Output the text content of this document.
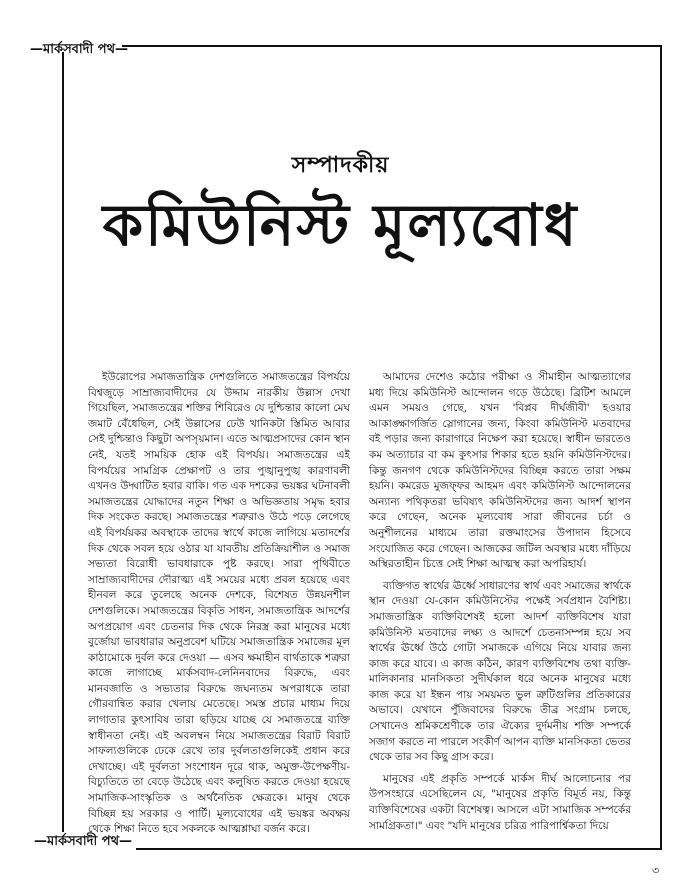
—মার্কসবাদী পথ—
—মার্কসবাদী পথ—
৩
সম্পাদকীয়
কমিউনিস্ট মূল্যবোধ

ইউরোপের সমাজতান্ত্রিক দেশগুলিতে সমাজতন্ত্রের বিপর্যয়ে বিশ্বজুড়ে সাম্রাজ্যবাদীদের যে উদ্দাম নারকীয় উল্লাস দেখা গিয়েছিল, সমাজতন্ত্রের শক্তির শিবিরেও যে দুশ্চিন্তার কালো মেঘ জমাট বেঁধেছিল, সেই উল্লাসের ঢেউ খানিকটা স্তিমিত আবার সেই দুশ্চিন্তাও কিছুটা অপসৃয়মান। এতে আত্মপ্রসাদের কোন স্থান নেই, যতই সাময়িক হোক এই বিপর্যয়। সমাজতন্ত্রের এই বিপর্যয়ের সামগ্রিক প্রেক্ষাপট ও তার পুঙ্খানুপুঙ্খ কারণাবলী এখনও উদ্ঘাটিত হবার বাকি। গত এক দশকের ভয়ঙ্কর ঘটনাবলী সমাজতন্ত্রের যোদ্ধাদের নতুন শিক্ষা ও অভিজ্ঞতায় সমৃদ্ধ হবার দিক সংকেত করছে। সমাজতন্ত্রের শত্রুরাও উঠে পড়ে লেগেছে এই বিপর্যয়কর অবস্থাকে তাদের স্বার্থে কাজে লাগিয়ে মতাদর্শের দিক থেকে সবল হয়ে ওঠার যা যাবতীয় প্রতিক্রিয়াশীল ও সমাজ সভ্যতা বিরোধী ভাবধারাকে পুষ্ট করছে। সারা পৃথিবীতে সাম্রাজ্যবাদীদের দৌরাত্ম্য এই সময়ের মধ্যে প্রবল হয়েছে এবং হীনবল করে তুলেছে অনেক দেশকে, বিশেষত উন্নয়নশীল দেশগুলিকে। সমাজতন্ত্রের বিকৃতি সাধন, সমাজতান্ত্রিক আদর্শের অপপ্রয়োগ এবং চেতনার দিক থেকে নিরস্ত্র করা মানুষের মধ্যে বুর্জোয়া ভাবধারার অনুপ্রবেশ ঘটিয়ে সমাজতান্ত্রিক সমাজের মূল কাঠামোকে দুর্বল করে দেওয়া — এসব ক্ষমাহীন বার্থতাকে শত্রুরা কাজে লাগাচ্ছে মার্কসবাদ-লেনিনবাদের বিরুদ্ধে, এবং মানবজাতি ও সভ্যতার বিরুদ্ধে জঘন্যতম অপরাধকে তারা গৌরবান্বিত করার খেলায় মেতেছে। সমস্ত প্রচার মাধ্যম দিয়ে লাগাতার কুৎসাবিষ তারা ছড়িয়ে যাচ্ছে যে সমাজতন্ত্রে ব্যক্তি স্বাধীনতা নেই। এই অবলম্বন নিয়ে সমাজতন্ত্রের বিরাট বিরাট সাফল্যগুলিকে ঢেকে রেখে তার দুর্বলতাগুলিকেই প্রধান করে দেখাচ্ছে। এই দুর্বলতা সংশোধন দূরে থাক, অমুক্ত-উপেক্ষণীয়-বিচ্যুতিতে তা বেড়ে উঠেছে এবং কলুষিত করতে দেওয়া হয়েছে সামাজিক-সাংস্কৃতিক ও অর্থনৈতিক ক্ষেত্রকে। মানুষ থেকে বিচ্ছিন্ন হয় সরকার ও পার্টি। মূল্যবোধের এই ভয়ঙ্কর অবক্ষয় থেকে শিক্ষা নিতে হবে সকলকে আত্মশ্লাঘা বর্জন করে।

আমাদের দেশেও কঠোর পরীক্ষা ও সীমাহীন আত্মত্যাগের মধ্য দিয়ে কমিউনিস্ট আন্দোলন গড়ে উঠেছে। ব্রিটিশ আমলে এমন সময়ও গেছে, যখন 'বিপ্লব দীর্ঘজীবী' হওয়ার আকাঙ্ক্ষাগর্জিত স্লোগানের জন্য, কিংবা কমিউনিস্ট মতবাদের বই পড়ার জন্য কারাগারে নিক্ষেপ করা হয়েছে। স্বাধীন ভারতেও কম অত্যাচার বা কম কুৎসার শিকার হতে হয়নি কমিউনিস্টদের। কিন্তু জনগণ থেকে কমিউনিস্টদের বিচ্ছিন্ন করতে তারা সক্ষম হয়নি। কমরেড মুজফ্ফর আহমদ এবং কমিউনিস্ট আন্দোলনের অন্যান্য পথিকৃতরা ভবিষ্যৎ কমিউনিস্টদের জন্য আদর্শ স্থাপন করে গেছেন, অনেক মূল্যবোধ সারা জীবনের চর্চা ও অনুশীলনের মাধ্যমে তারা রক্তমাংসের উপাদান হিসেবে সংযোজিত করে গেছেন। আজকের জটিল অবস্থার মধ্যে দাঁড়িয়ে অস্থিরতাহীন চিত্তে সেই শিক্ষা আত্মস্থ করা অপরিহার্য।

ব্যক্তিগত স্বার্থের ঊর্ধ্বে সাধারণের স্বার্থ এবং সমাজের স্বার্থকে স্থান দেওয়া যে-কোন কমিউনিস্টের পক্ষেই সর্বপ্রধান বৈশিষ্ট্য। সমাজতান্ত্রিক ব্যক্তিবিশেষই হলো আদর্শ ব্যক্তিবিশেষ যারা কমিউনিস্ট মতবাদের লক্ষ্য ও আদর্শে চেতনাসম্পন্ন হয়ে সব স্বার্থের ঊর্ধ্বে উঠে গোটা সমাজকে এগিয়ে নিয়ে যাবার জন্য কাজ করে যাবে। এ কাজ কঠিন, কারণ ব্যক্তিবিশেষ তথা ব্যক্তি-মালিকানার মানসিকতা সুদীর্ঘকাল ধরে অনেক মানুষের মধ্যে কাজ করে যা ইন্ধন পায় সময়মত ভুল ত্রুটিগুলির প্রতিকারের অভাবে। যেখানে পুঁজিবাদের বিরুদ্ধে তীব্র সংগ্রাম চলছে, সেখানেও শ্রমিকশ্রেণীকে তার ঐক্যের দুর্দমনীয় শক্তি সম্পর্কে সজাগ করতে না পারলে সংকীর্ণ আপন ব্যক্তি মানসিকতা ভেতর থেকে তার সব কিছু গ্রাস করে।

মানুষের এই প্রকৃতি সম্পর্কে মার্কস দীর্ঘ আলোচনার পর উপসংহারে এসেছিলেন যে, "মানুষের প্রকৃতি বিমূর্ত নয়, কিন্তু ব্যক্তিবিশেষের একটা বিশেষত্ব। আসলে এটা সামাজিক সম্পর্কের সামগ্রিকতা।" এবং "যদি মানুষের চরিত্র পারিপার্শ্বিকতা দিয়ে
